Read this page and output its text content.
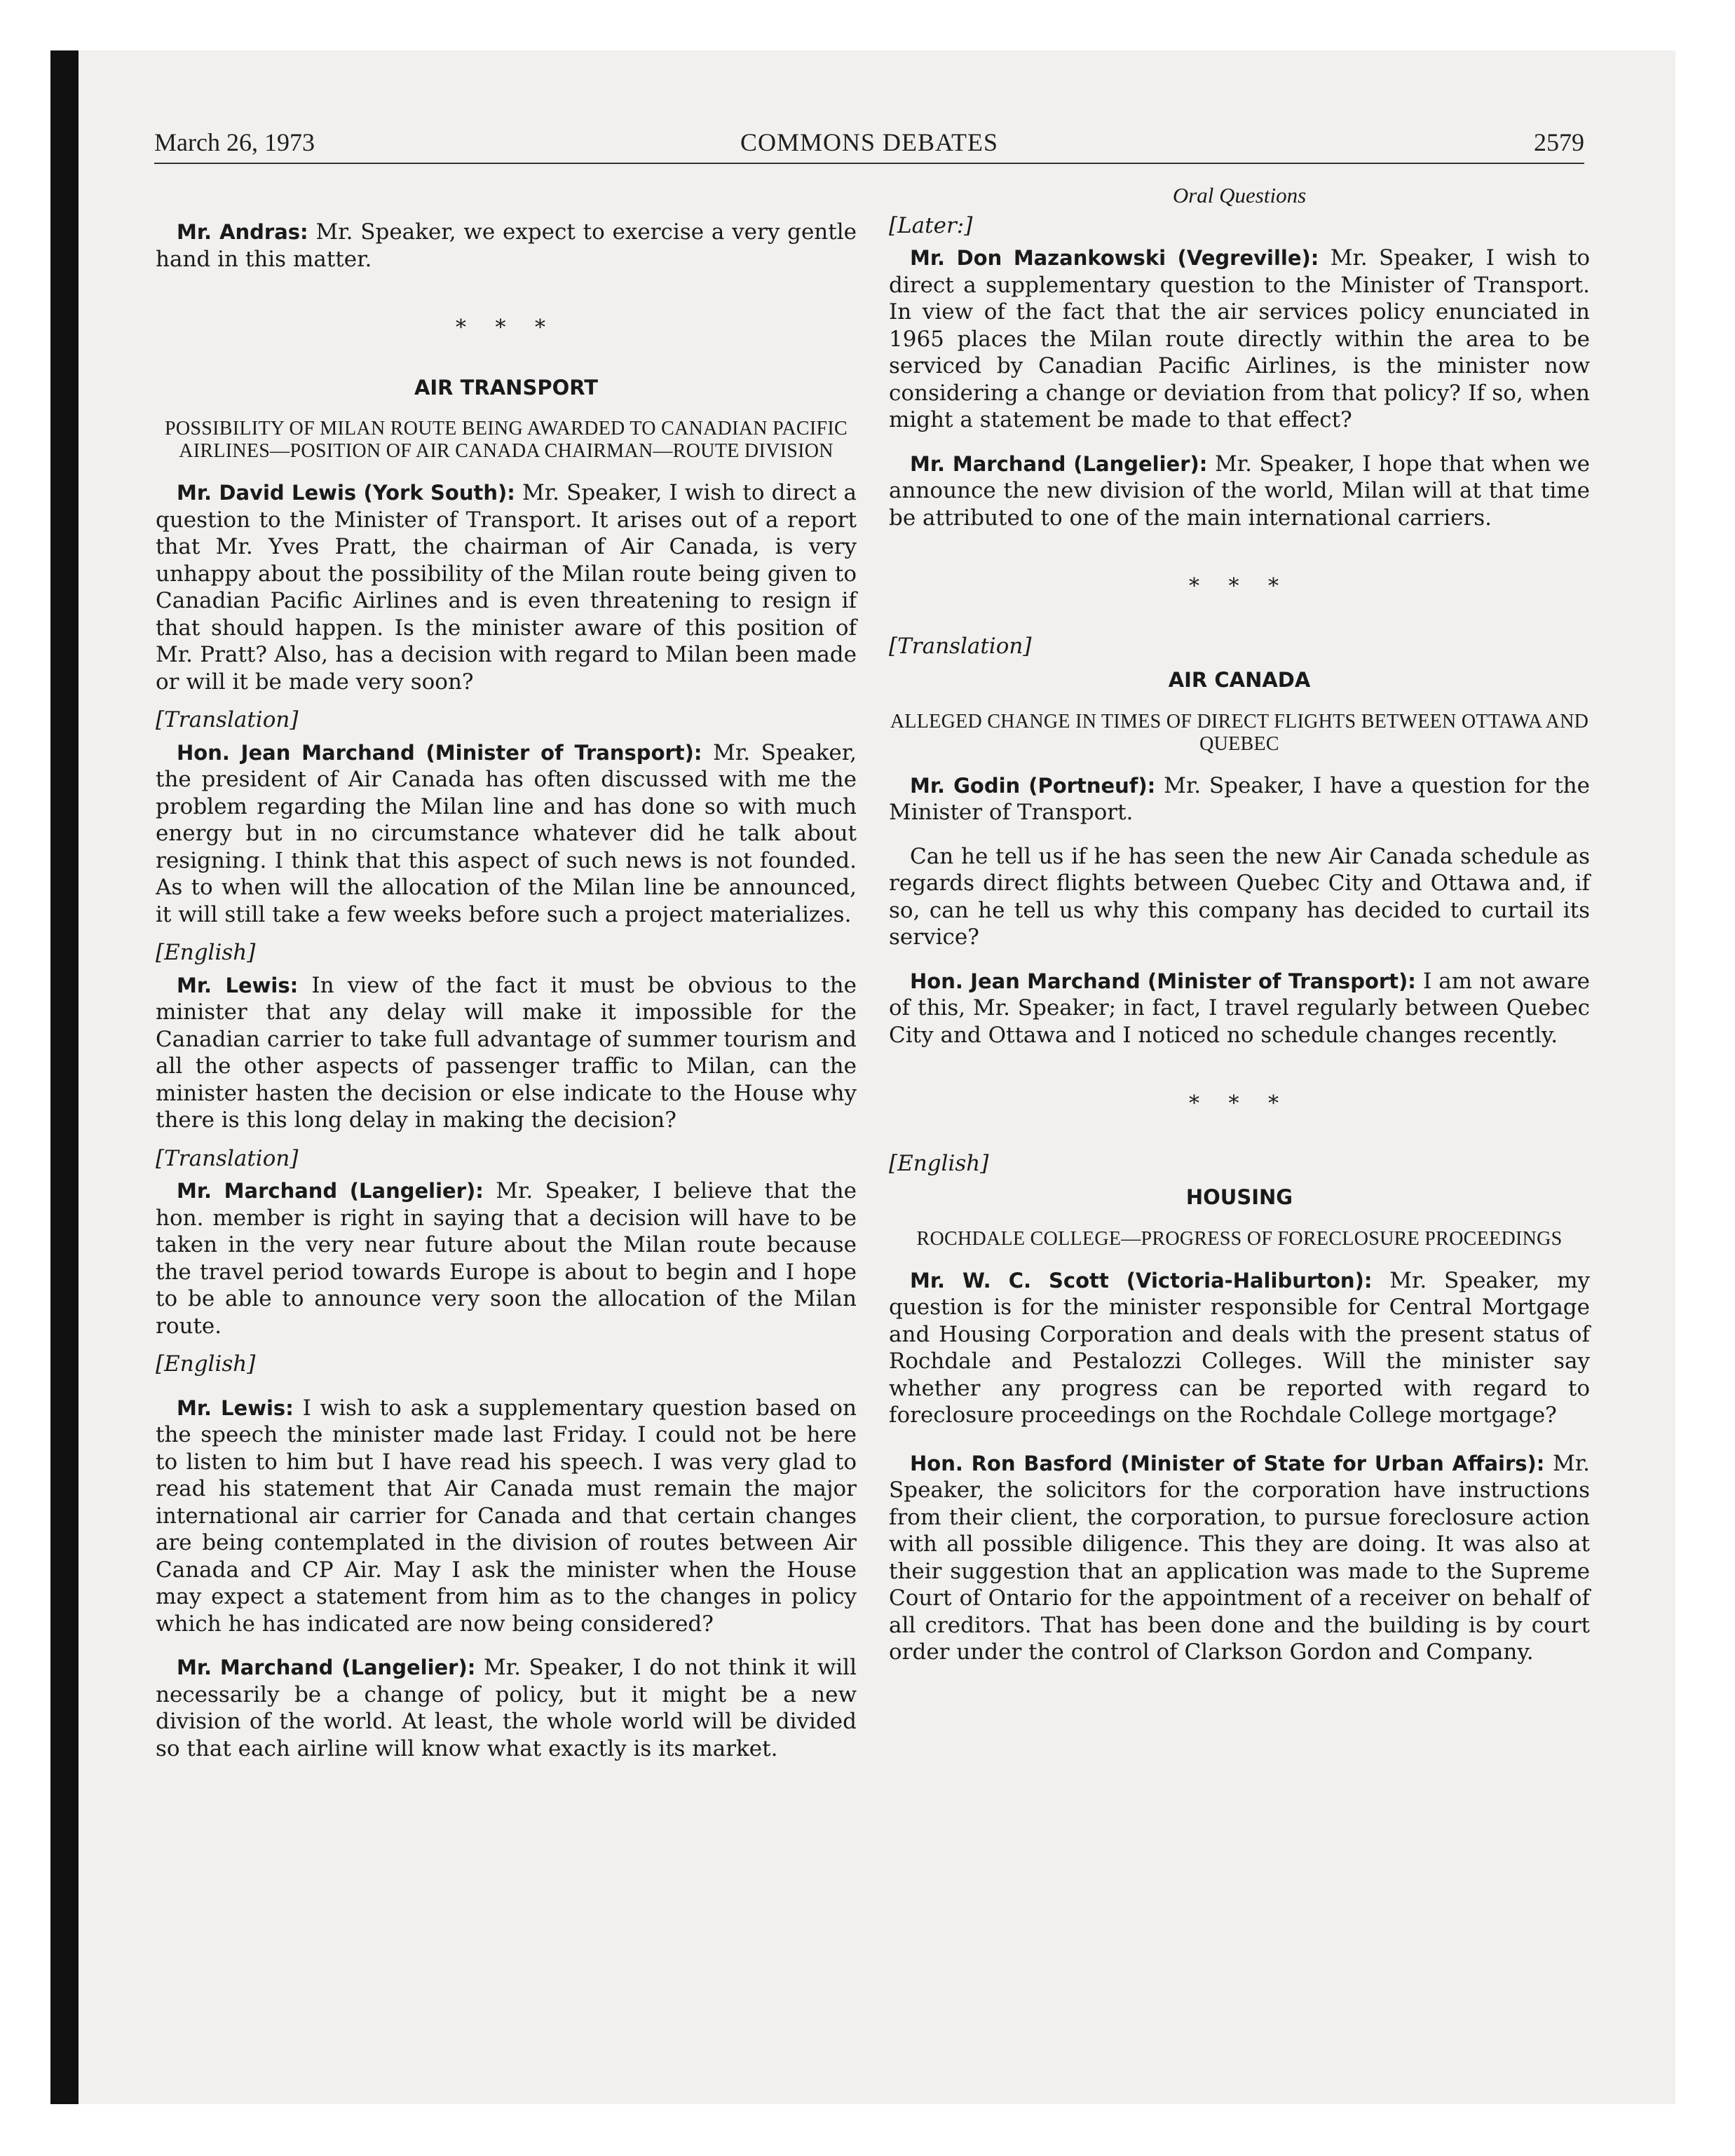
March 26, 1973	COMMONS DEBATES	2579

Mr. Andras: Mr. Speaker, we expect to exercise a very gentle hand in this matter.

* * *
AIR TRANSPORT
POSSIBILITY OF MILAN ROUTE BEING AWARDED TO CANADIAN PACIFIC AIRLINES—POSITION OF AIR CANADA CHAIRMAN—ROUTE DIVISION

Mr. David Lewis (York South): Mr. Speaker, I wish to direct a question to the Minister of Transport. It arises out of a report that Mr. Yves Pratt, the chairman of Air Canada, is very unhappy about the possibility of the Milan route being given to Canadian Pacific Airlines and is even threatening to resign if that should happen. Is the minister aware of this position of Mr. Pratt? Also, has a decision with regard to Milan been made or will it be made very soon?

[Translation]

Hon. Jean Marchand (Minister of Transport): Mr. Speaker, the president of Air Canada has often discussed with me the problem regarding the Milan line and has done so with much energy but in no circumstance whatever did he talk about resigning. I think that this aspect of such news is not founded. As to when will the allocation of the Milan line be announced, it will still take a few weeks before such a project materializes.

[English]

Mr. Lewis: In view of the fact it must be obvious to the minister that any delay will make it impossible for the Canadian carrier to take full advantage of summer tourism and all the other aspects of passenger traffic to Milan, can the minister hasten the decision or else indicate to the House why there is this long delay in making the decision?

[Translation]

Mr. Marchand (Langelier): Mr. Speaker, I believe that the hon. member is right in saying that a decision will have to be taken in the very near future about the Milan route because the travel period towards Europe is about to begin and I hope to be able to announce very soon the allocation of the Milan route.

[English]

Mr. Lewis: I wish to ask a supplementary question based on the speech the minister made last Friday. I could not be here to listen to him but I have read his speech. I was very glad to read his statement that Air Canada must remain the major international air carrier for Canada and that certain changes are being contemplated in the division of routes between Air Canada and CP Air. May I ask the minister when the House may expect a statement from him as to the changes in policy which he has indicated are now being considered?

Mr. Marchand (Langelier): Mr. Speaker, I do not think it will necessarily be a change of policy, but it might be a new division of the world. At least, the whole world will be divided so that each airline will know what exactly is its market.

Oral Questions
[Later:]

Mr. Don Mazankowski (Vegreville): Mr. Speaker, I wish to direct a supplementary question to the Minister of Transport. In view of the fact that the air services policy enunciated in 1965 places the Milan route directly within the area to be serviced by Canadian Pacific Airlines, is the minister now considering a change or deviation from that policy? If so, when might a statement be made to that effect?

Mr. Marchand (Langelier): Mr. Speaker, I hope that when we announce the new division of the world, Milan will at that time be attributed to one of the main international carriers.

* * *
[Translation]
AIR CANADA
ALLEGED CHANGE IN TIMES OF DIRECT FLIGHTS BETWEEN OTTAWA AND QUEBEC

Mr. Godin (Portneuf): Mr. Speaker, I have a question for the Minister of Transport.

Can he tell us if he has seen the new Air Canada schedule as regards direct flights between Quebec City and Ottawa and, if so, can he tell us why this company has decided to curtail its service?

Hon. Jean Marchand (Minister of Transport): I am not aware of this, Mr. Speaker; in fact, I travel regularly between Quebec City and Ottawa and I noticed no schedule changes recently.

* * *
[English]
HOUSING
ROCHDALE COLLEGE—PROGRESS OF FORECLOSURE PROCEEDINGS

Mr. W. C. Scott (Victoria-Haliburton): Mr. Speaker, my question is for the minister responsible for Central Mortgage and Housing Corporation and deals with the present status of Rochdale and Pestalozzi Colleges. Will the minister say whether any progress can be reported with regard to foreclosure proceedings on the Rochdale College mortgage?

Hon. Ron Basford (Minister of State for Urban Affairs): Mr. Speaker, the solicitors for the corporation have instructions from their client, the corporation, to pursue foreclosure action with all possible diligence. This they are doing. It was also at their suggestion that an application was made to the Supreme Court of Ontario for the appointment of a receiver on behalf of all creditors. That has been done and the building is by court order under the control of Clarkson Gordon and Company.
